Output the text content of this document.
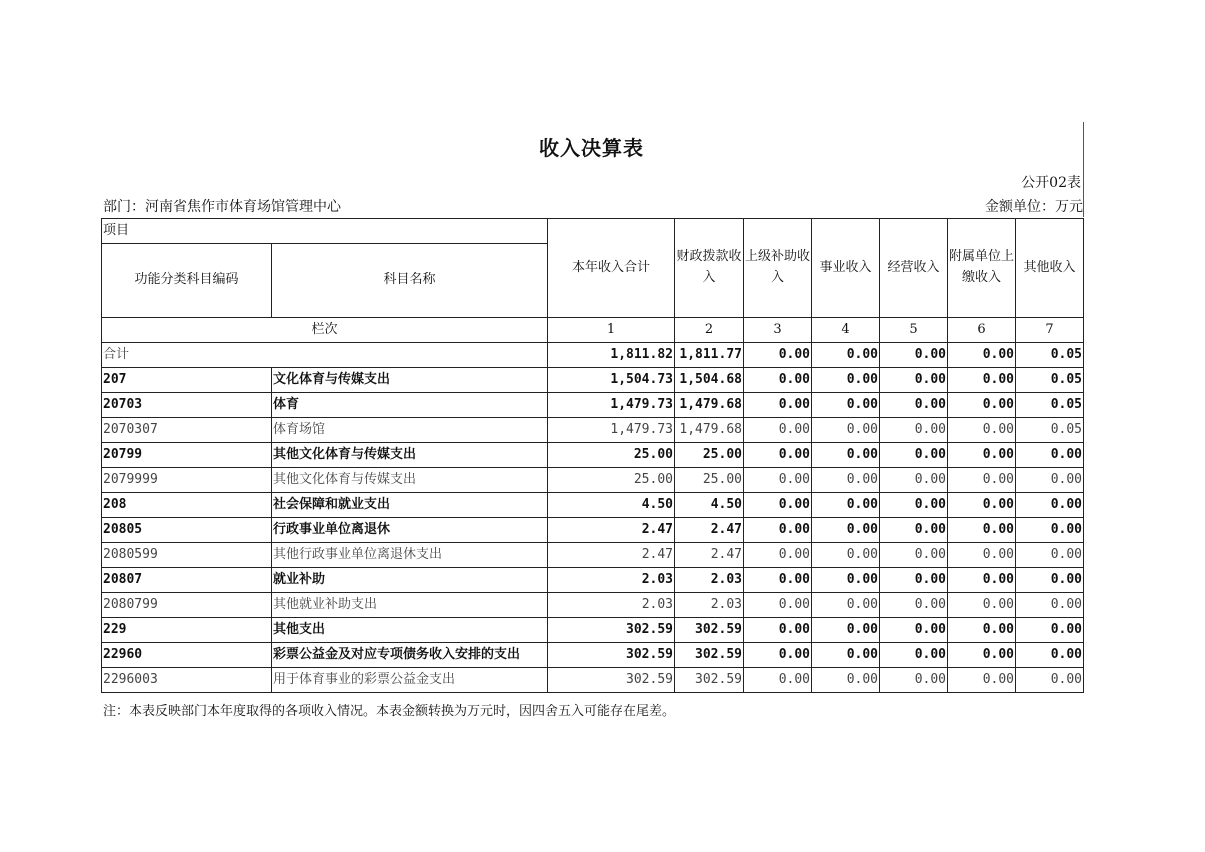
收入决算表
公开02表
部门：河南省焦作市体育场馆管理中心	金额单位：万元
项目		本年收入合计	财政拨款收入	上级补助收入	事业收入	经营收入	附属单位上缴收入	其他收入
功能分类科目编码	科目名称							
栏次		1	2	3	4	5	6	7
合计		1,811.82	1,811.77	0.00	0.00	0.00	0.00	0.05
207	文化体育与传媒支出	1,504.73	1,504.68	0.00	0.00	0.00	0.00	0.05
20703	体育	1,479.73	1,479.68	0.00	0.00	0.00	0.00	0.05
2070307	体育场馆	1,479.73	1,479.68	0.00	0.00	0.00	0.00	0.05
20799	其他文化体育与传媒支出	25.00	25.00	0.00	0.00	0.00	0.00	0.00
2079999	其他文化体育与传媒支出	25.00	25.00	0.00	0.00	0.00	0.00	0.00
208	社会保障和就业支出	4.50	4.50	0.00	0.00	0.00	0.00	0.00
20805	行政事业单位离退休	2.47	2.47	0.00	0.00	0.00	0.00	0.00
2080599	其他行政事业单位离退休支出	2.47	2.47	0.00	0.00	0.00	0.00	0.00
20807	就业补助	2.03	2.03	0.00	0.00	0.00	0.00	0.00
2080799	其他就业补助支出	2.03	2.03	0.00	0.00	0.00	0.00	0.00
229	其他支出	302.59	302.59	0.00	0.00	0.00	0.00	0.00
22960	彩票公益金及对应专项债务收入安排的支出	302.59	302.59	0.00	0.00	0.00	0.00	0.00
2296003	用于体育事业的彩票公益金支出	302.59	302.59	0.00	0.00	0.00	0.00	0.00
注：本表反映部门本年度取得的各项收入情况。本表金额转换为万元时，因四舍五入可能存在尾差。
